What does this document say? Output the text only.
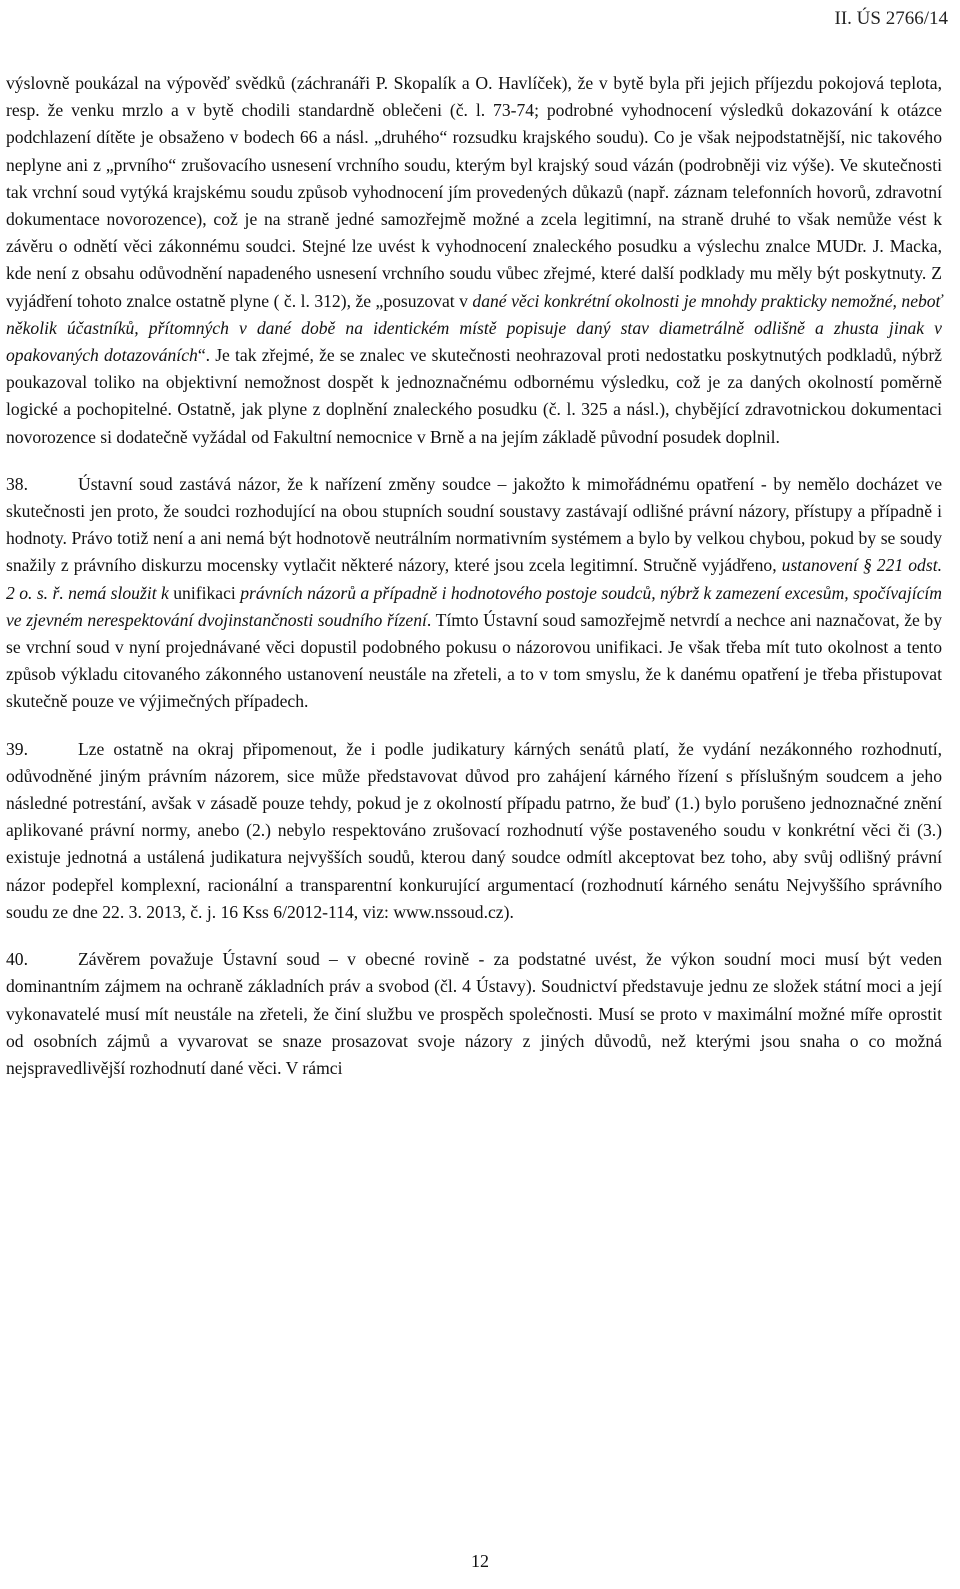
II. ÚS 2766/14

výslovně poukázal na výpověď svědků (záchranáři P. Skopalík a O. Havlíček), že v bytě byla při jejich příjezdu pokojová teplota, resp. že venku mrzlo a v bytě chodili standardně oblečeni (č. l. 73-74; podrobné vyhodnocení výsledků dokazování k otázce podchlazení dítěte je obsaženo v bodech 66 a násl. „druhého“ rozsudku krajského soudu). Co je však nejpodstatnější, nic takového neplyne ani z „prvního“ zrušovacího usnesení vrchního soudu, kterým byl krajský soud vázán (podrobněji viz výše). Ve skutečnosti tak vrchní soud vytýká krajskému soudu způsob vyhodnocení jím provedených důkazů (např. záznam telefonních hovorů, zdravotní dokumentace novorozence), což je na straně jedné samozřejmě možné a zcela legitimní, na straně druhé to však nemůže vést k závěru o odnětí věci zákonnému soudci. Stejné lze uvést k vyhodnocení znaleckého posudku a výslechu znalce MUDr. J. Macka, kde není z obsahu odůvodnění napadeného usnesení vrchního soudu vůbec zřejmé, které další podklady mu měly být poskytnuty. Z vyjádření tohoto znalce ostatně plyne ( č. l. 312), že „posuzovat v dané věci konkrétní okolnosti je mnohdy prakticky nemožné, neboť několik účastníků, přítomných v dané době na identickém místě popisuje daný stav diametrálně odlišně a zhusta jinak v opakovaných dotazováních“. Je tak zřejmé, že se znalec ve skutečnosti neohrazoval proti nedostatku poskytnutých podkladů, nýbrž poukazoval toliko na objektivní nemožnost dospět k jednoznačnému odbornému výsledku, což je za daných okolností poměrně logické a pochopitelné. Ostatně, jak plyne z doplnění znaleckého posudku (č. l. 325 a násl.), chybějící zdravotnickou dokumentaci novorozence si dodatečně vyžádal od Fakultní nemocnice v Brně a na jejím základě původní posudek doplnil.

38.	Ústavní soud zastává názor, že k nařízení změny soudce – jakožto k mimořádnému opatření - by nemělo docházet ve skutečnosti jen proto, že soudci rozhodující na obou stupních soudní soustavy zastávají odlišné právní názory, přístupy a případně i hodnoty. Právo totiž není a ani nemá být hodnotově neutrálním normativním systémem a bylo by velkou chybou, pokud by se soudy snažily z právního diskurzu mocensky vytlačit některé názory, které jsou zcela legitimní. Stručně vyjádřeno, ustanovení § 221 odst. 2 o. s. ř. nemá sloužit k unifikaci právních názorů a případně i hodnotového postoje soudců, nýbrž k zamezení excesům, spočívajícím ve zjevném nerespektování dvojinstančnosti soudního řízení. Tímto Ústavní soud samozřejmě netvrdí a nechce ani naznačovat, že by se vrchní soud v nyní projednávané věci dopustil podobného pokusu o názorovou unifikaci. Je však třeba mít tuto okolnost a tento způsob výkladu citovaného zákonného ustanovení neustále na zřeteli, a to v tom smyslu, že k danému opatření je třeba přistupovat skutečně pouze ve výjimečných případech.

39.	Lze ostatně na okraj připomenout, že i podle judikatury kárných senátů platí, že vydání nezákonného rozhodnutí, odůvodněné jiným právním názorem, sice může představovat důvod pro zahájení kárného řízení s příslušným soudcem a jeho následné potrestání, avšak v zásadě pouze tehdy, pokud je z okolností případu patrno, že buď (1.) bylo porušeno jednoznačné znění aplikované právní normy, anebo (2.) nebylo respektováno zrušovací rozhodnutí výše postaveného soudu v konkrétní věci či (3.) existuje jednotná a ustálená judikatura nejvyšších soudů, kterou daný soudce odmítl akceptovat bez toho, aby svůj odlišný právní názor podepřel komplexní, racionální a transparentní konkurující argumentací (rozhodnutí kárného senátu Nejvyššího správního soudu ze dne 22. 3. 2013, č. j. 16 Kss 6/2012-114, viz: www.nssoud.cz).

40.	Závěrem považuje Ústavní soud – v obecné rovině - za podstatné uvést, že výkon soudní moci musí být veden dominantním zájmem na ochraně základních práv a svobod (čl. 4 Ústavy). Soudnictví představuje jednu ze složek státní moci a její vykonavatelé musí mít neustále na zřeteli, že činí službu ve prospěch společnosti. Musí se proto v maximální možné míře oprostit od osobních zájmů a vyvarovat se snaze prosazovat svoje názory z jiných důvodů, než kterými jsou snaha o co možná nejspravedlivější rozhodnutí dané věci. V rámci

12
